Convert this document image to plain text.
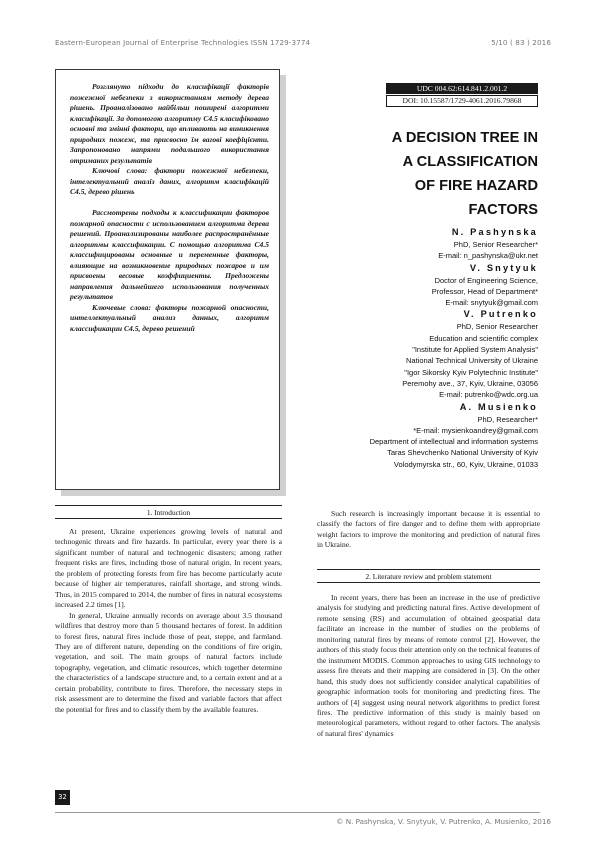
Eastern-European Journal of Enterprise Technologies ISSN 1729-3774	5/10 ( 83 ) 2016

Розглянуто підходи до класифікації факторів пожежної небезпеки з використанням методу дерева рішень. Проаналізовано найбільш поширені алгоритми класифікації. За допомогою алгоритму С4.5 класифіковано основні та змінні фактори, що впливають на виникнення природних пожеж, та присвоєно їм вагові коефіцієнти. Запропоновано напрями подальшого використання отриманих результатів

Ключові слова: фактори пожежної небезпеки, інтелектуальний аналіз даних, алгоритм класифікацій С4.5, дерево рішень

Рассмотрены подходы к классификации факторов пожарной опасности с использованием алгоритма дерева решений. Проанализированы наиболее распространённые алгоритмы классификации. С помощью алгоритма С4.5 классифицированы основные и переменные факторы, влияющие на возникновение природных пожаров и им присвоены весовые коэффициенты. Предложены направления дальнейшего использования полученных результатов

Ключевые слова: факторы пожарной опасности, интеллектуальный анализ данных, алгоритм классификации С4.5, дерево решений

UDC 004.62:614.841.2.001.2
DOI: 10.15587/1729-4061.2016.79868
A DECISION TREE IN
A CLASSIFICATION
OF FIRE HAZARD
FACTORS
N. Pashynska
PhD, Senior Researcher*
E-mail: n_pashynska@ukr.net
V. Snytyuk
Doctor of Engineering Science,
Professor, Head of Department*
E-mail: snytyuk@gmail.com
V. Putrenko
PhD, Senior Researcher
Education and scientific complex
"Institute for Applied System Analysis"
National Technical University of Ukraine
"Igor Sikorsky Kyiv Polytechnic Institute"
Peremohy ave., 37, Kyiv, Ukraine, 03056
E-mail: putrenko@wdc.org.ua
A. Musienko
PhD, Researcher*
*E-mail: mysienkoandrey@gmail.com
Department of intellectual and information systems
Taras Shevchenko National University of Kyiv
Volodymyrska str., 60, Kyiv, Ukraine, 01033
1. Introduction

At present, Ukraine experiences growing levels of natural and technogenic threats and fire hazards. In particular, every year there is a significant number of natural and technogenic disasters; among rather frequent risks are fires, including those of natural origin. In recent years, the problem of protecting forests from fire has become particularly acute because of higher air temperatures, rainfall shortage, and strong winds. Thus, in 2015 compared to 2014, the number of fires in natural ecosystems increased 2.2 times [1].

In general, Ukraine annually records on average about 3.5 thousand wildfires that destroy more than 5 thousand hectares of forest. In addition to forest fires, natural fires include those of peat, steppe, and farmland. They are of different nature, depending on the conditions of fire origin, vegetation, and soil. The main groups of natural factors include topography, vegetation, and climatic resources, which together determine the characteristics of a landscape structure and, to a certain extent and at a certain probability, contribute to fires. Therefore, the necessary steps in risk assessment are to determine the fixed and variable factors that affect the potential for fires and to classify them by the available features.

Such research is increasingly important because it is essential to classify the factors of fire danger and to define them with appropriate weight factors to improve the monitoring and prediction of natural fires in Ukraine.

2. Literature review and problem statement

In recent years, there has been an increase in the use of predictive analysis for studying and predicting natural fires. Active development of remote sensing (RS) and accumulation of obtained geospatial data facilitate an increase in the number of studies on the problems of monitoring natural fires by means of remote control [2]. However, the authors of this study focus their attention only on the technical features of the instrument MODIS. Common approaches to using GIS technology to assess fire threats and their mapping are considered in [3]. On the other hand, this study does not sufficiently consider analytical capabilities of geographic information tools for monitoring and predicting fires. The authors of [4] suggest using neural network algorithms to predict forest fires. The predictive information of this study is mainly based on meteorological parameters, without regard to other factors. The analysis of natural fires' dynamics

32
© N. Pashynska, V. Snytyuk, V. Putrenko, A. Musienko, 2016
